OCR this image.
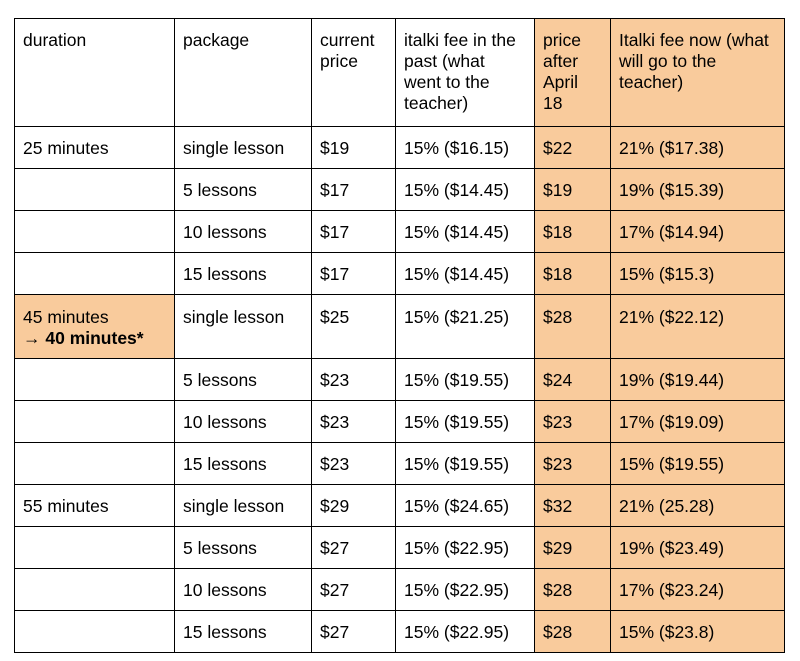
duration	package	current price	italki fee in the past (what went to the teacher)	price after April 18	Italki fee now (what will go to the teacher)

25 minutes	single lesson	$19	15% ($16.15)	$22	21% ($17.38)

	5 lessons	$17	15% ($14.45)	$19	19% ($15.39)

	10 lessons	$17	15% ($14.45)	$18	17% ($14.94)

	15 lessons	$17	15% ($14.45)	$18	15% ($15.3)

45 minutes
→ 40 minutes*	single lesson	$25	15% ($21.25)	$28	21% ($22.12)

	5 lessons	$23	15% ($19.55)	$24	19% ($19.44)

	10 lessons	$23	15% ($19.55)	$23	17% ($19.09)

	15 lessons	$23	15% ($19.55)	$23	15% ($19.55)

55 minutes	single lesson	$29	15% ($24.65)	$32	21% (25.28)

	5 lessons	$27	15% ($22.95)	$29	19% ($23.49)

	10 lessons	$27	15% ($22.95)	$28	17% ($23.24)

	15 lessons	$27	15% ($22.95)	$28	15% ($23.8)
